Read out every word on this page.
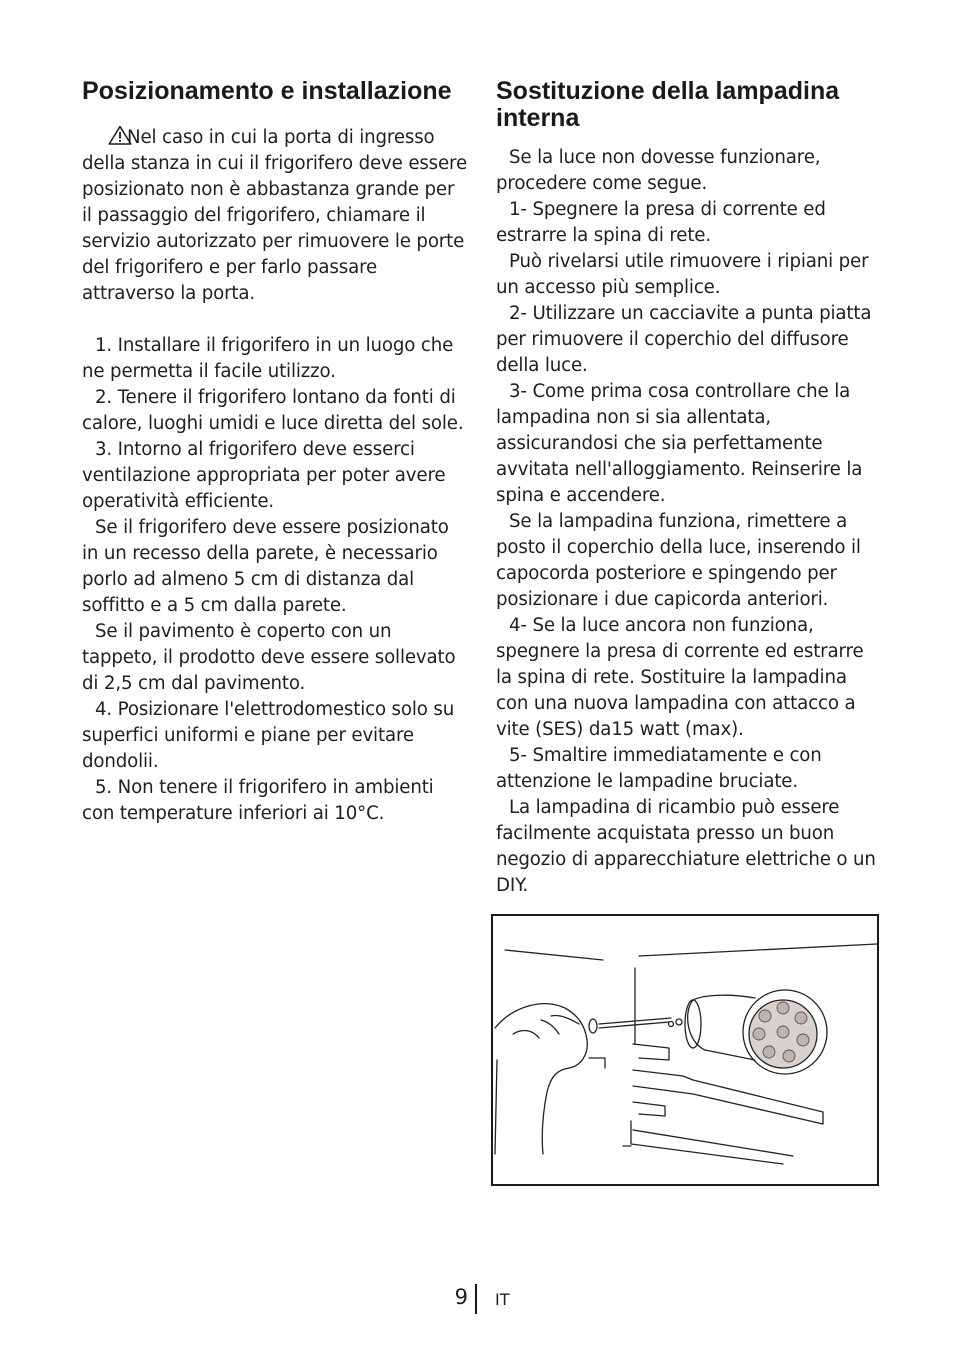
Posizionamento e installazione

Nel caso in cui la porta di ingresso della stanza in cui il frigorifero deve essere posizionato non è abbastanza grande per il passaggio del frigorifero, chiamare il servizio autorizzato per rimuovere le porte del frigorifero e per farlo passare attraverso la porta.

1. Installare il frigorifero in un luogo che ne permetta il facile utilizzo.

2. Tenere il frigorifero lontano da fonti di calore, luoghi umidi e luce diretta del sole.

3. Intorno al frigorifero deve esserci ventilazione appropriata per poter avere operatività efficiente.

Se il frigorifero deve essere posizionato in un recesso della parete, è necessario porlo ad almeno 5 cm di distanza dal soffitto e a 5 cm dalla parete.

Se il pavimento è coperto con un tappeto, il prodotto deve essere sollevato di 2,5 cm dal pavimento.

4. Posizionare l'elettrodomestico solo su superfici uniformi e piane per evitare dondolii.

5. Non tenere il frigorifero in ambienti con temperature inferiori ai 10°C.

Sostituzione della lampadina interna

Se la luce non dovesse funzionare, procedere come segue.

1- Spegnere la presa di corrente ed estrarre la spina di rete.

Può rivelarsi utile rimuovere i ripiani per un accesso più semplice.

2- Utilizzare un cacciavite a punta piatta per rimuovere il coperchio del diffusore della luce.

3- Come prima cosa controllare che la lampadina non si sia allentata, assicurandosi che sia perfettamente avvitata nell'alloggiamento. Reinserire la spina e accendere.

Se la lampadina funziona, rimettere a posto il coperchio della luce, inserendo il capocorda posteriore e spingendo per posizionare i due capicorda anteriori.

4- Se la luce ancora non funziona, spegnere la presa di corrente ed estrarre la spina di rete. Sostituire la lampadina con una nuova lampadina con attacco a vite (SES) da15 watt (max).

5- Smaltire immediatamente e con attenzione le lampadine bruciate.

La lampadina di ricambio può essere facilmente acquistata presso un buon negozio di apparecchiature elettriche o un DIY.

9 IT
